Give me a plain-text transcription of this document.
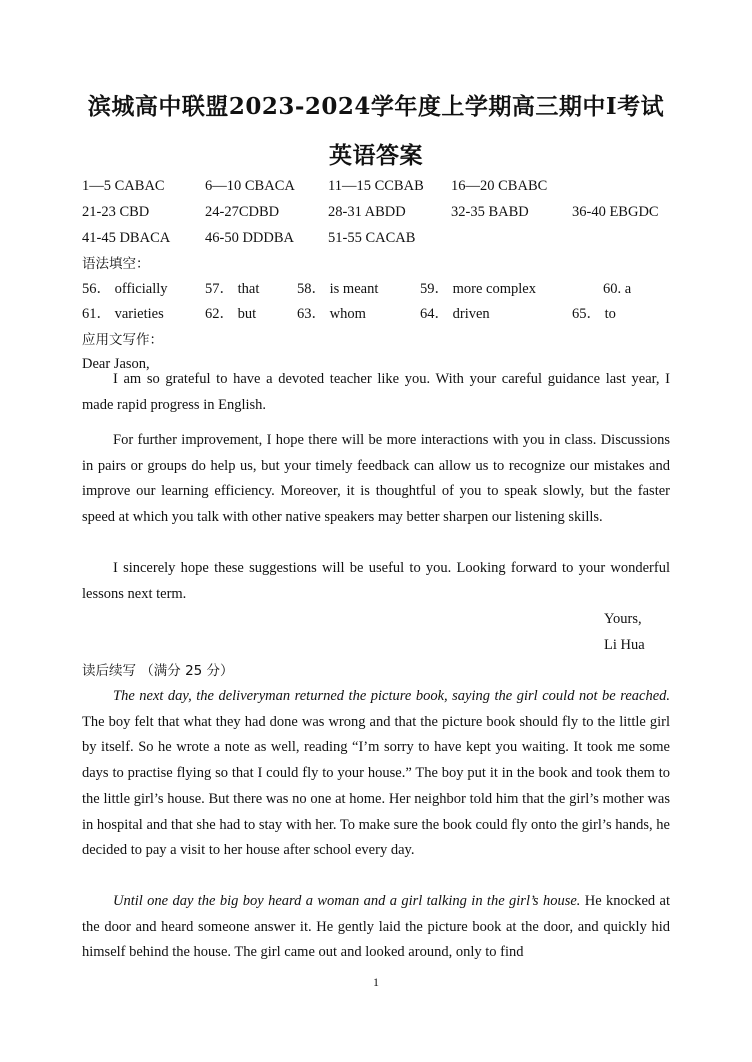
滨城高中联盟2023-2024学年度上学期高三期中Ⅰ考试
英语答案
1—5 CABAC	6—10 CBACA 11—15 CCBAB 16—20 CBABC
21-23 CBD	24-27CDBD	28-31 ABDD	32-35 BABD	36-40 EBGDC
41-45 DBACA 46-50 DDDBA 51-55 CACAB
语法填空：
56． officially	57． that	58． is meant	59． more complex	60. a
61． varieties	62． but	63． whom	64． driven	65． to
应用文写作：
Dear Jason,

I am so grateful to have a devoted teacher like you. With your careful guidance last year, I made rapid progress in English.

For further improvement, I hope there will be more interactions with you in class. Discussions in pairs or groups do help us, but your timely feedback can allow us to recognize our mistakes and improve our learning efficiency. Moreover, it is thoughtful of you to speak slowly, but the faster speed at which you talk with other native speakers may better sharpen our listening skills.

I sincerely hope these suggestions will be useful to you. Looking forward to your wonderful lessons next term.

Yours,
Li Hua
读后续写 （满分 25 分）

The next day, the deliveryman returned the picture book, saying the girl could not be reached. The boy felt that what they had done was wrong and that the picture book should fly to the little girl by itself. So he wrote a note as well, reading “I’m sorry to have kept you waiting. It took me some days to practise flying so that I could fly to your house.” The boy put it in the book and took them to the little girl’s house. But there was no one at home. Her neighbor told him that the girl’s mother was in hospital and that she had to stay with her. To make sure the book could fly onto the girl’s hands, he decided to pay a visit to her house after school every day.

Until one day the big boy heard a woman and a girl talking in the girl’s house. He knocked at the door and heard someone answer it. He gently laid the picture book at the door, and quickly hid himself behind the house. The girl came out and looked around, only to find

1
